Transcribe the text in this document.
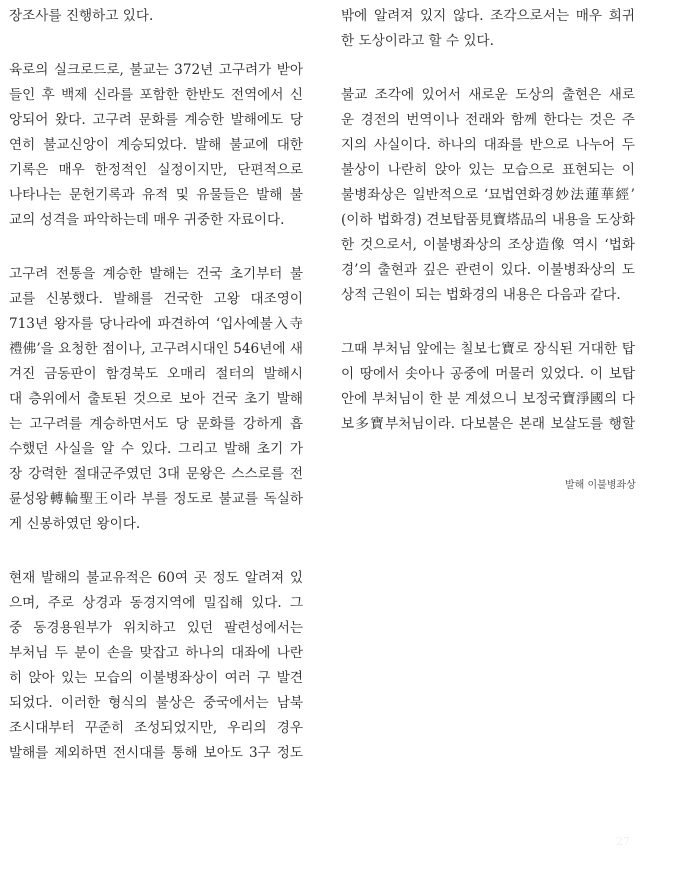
장조사를 진행하고 있다.
육로의 실크로드로, 불교는 372년 고구려가 받아
들인 후 백제 신라를 포함한 한반도 전역에서 신
앙되어 왔다. 고구려 문화를 계승한 발해에도 당
연히 불교신앙이 계승되었다. 발해 불교에 대한
기록은 매우 한정적인 실정이지만, 단편적으로
나타나는 문헌기록과 유적 및 유물들은 발해 불
교의 성격을 파악하는데 매우 귀중한 자료이다.
고구려 전통을 계승한 발해는 건국 초기부터 불
교를 신봉했다. 발해를 건국한 고왕 대조영이
713년 왕자를 당나라에 파견하여 ‘입사예불入寺
禮佛’을 요청한 점이나, 고구려시대인 546년에 새
겨진 금동판이 함경북도 오매리 절터의 발해시
대 층위에서 출토된 것으로 보아 건국 초기 발해
는 고구려를 계승하면서도 당 문화를 강하게 흡
수했던 사실을 알 수 있다. 그리고 발해 초기 가
장 강력한 절대군주였던 3대 문왕은 스스로를 전
륜성왕轉輪聖王이라 부를 정도로 불교를 독실하
게 신봉하였던 왕이다.
현재 발해의 불교유적은 60여 곳 정도 알려져 있
으며, 주로 상경과 동경지역에 밀집해 있다. 그
중 동경용원부가 위치하고 있던 팔련성에서는
부처님 두 분이 손을 맞잡고 하나의 대좌에 나란
히 앉아 있는 모습의 이불병좌상이 여러 구 발견
되었다. 이러한 형식의 불상은 중국에서는 남북
조시대부터 꾸준히 조성되었지만, 우리의 경우
발해를 제외하면 전시대를 통해 보아도 3구 정도
밖에 알려져 있지 않다. 조각으로서는 매우 희귀
한 도상이라고 할 수 있다.
불교 조각에 있어서 새로운 도상의 출현은 새로
운 경전의 번역이나 전래와 함께 한다는 것은 주
지의 사실이다. 하나의 대좌를 반으로 나누어 두
불상이 나란히 앉아 있는 모습으로 표현되는 이
불병좌상은 일반적으로 ‘묘법연화경妙法蓮華經’
(이하 법화경) 견보탑품見寶塔品의 내용을 도상화
한 것으로서, 이불병좌상의 조상造像 역시 ‘법화
경’의 출현과 깊은 관련이 있다. 이불병좌상의 도
상적 근원이 되는 법화경의 내용은 다음과 같다.
그때 부처님 앞에는 칠보七寶로 장식된 거대한 탑
이 땅에서 솟아나 공중에 머물러 있었다. 이 보탑
안에 부처님이 한 분 계셨으니 보정국寶淨國의 다
보多寶부처님이라. 다보불은 본래 보살도를 행할
발해 이불병좌상
27
